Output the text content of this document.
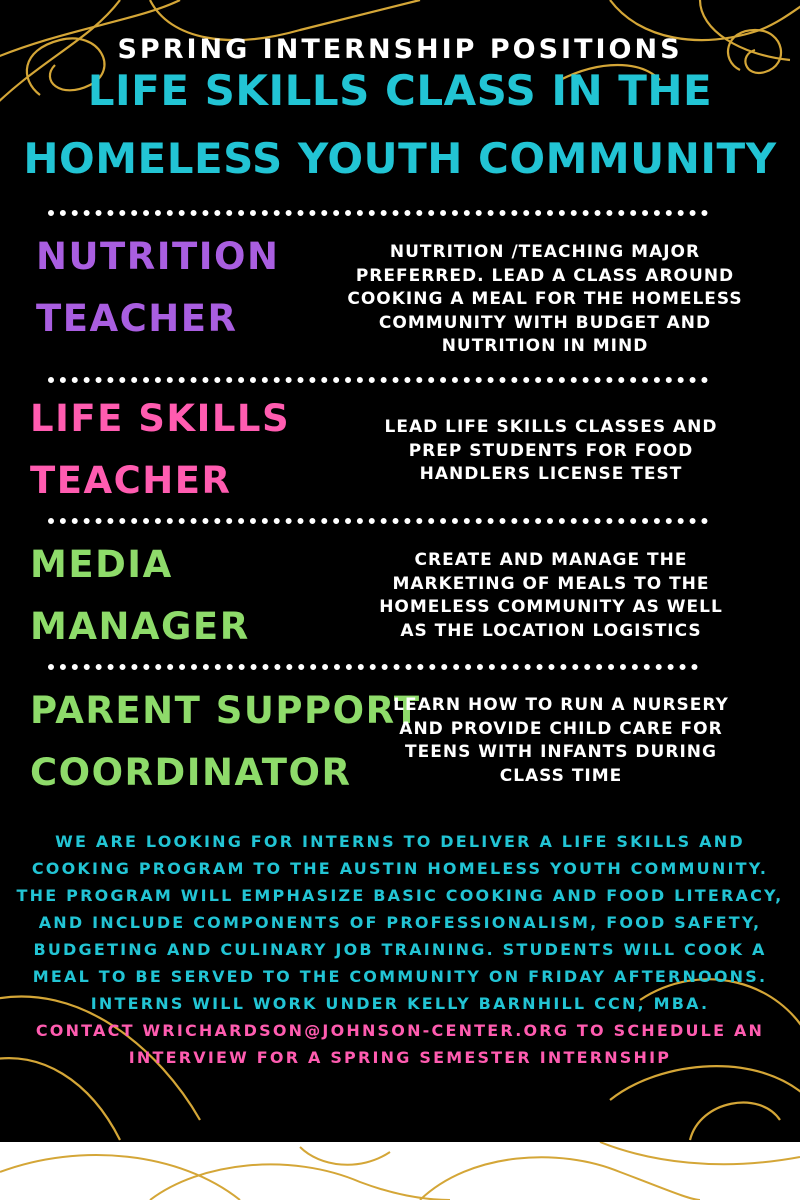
SPRING INTERNSHIP POSITIONS
LIFE SKILLS CLASS IN THE
HOMELESS YOUTH COMMUNITY
NUTRITION
TEACHER
NUTRITION /TEACHING MAJOR
PREFERRED. LEAD A CLASS AROUND
COOKING A MEAL FOR THE HOMELESS
COMMUNITY WITH BUDGET AND
NUTRITION IN MIND
LIFE SKILLS
TEACHER
LEAD LIFE SKILLS CLASSES AND
PREP STUDENTS FOR FOOD
HANDLERS LICENSE TEST
MEDIA
MANAGER
CREATE AND MANAGE THE
MARKETING OF MEALS TO THE
HOMELESS COMMUNITY AS WELL
AS THE LOCATION LOGISTICS
PARENT SUPPORT
COORDINATOR
LEARN HOW TO RUN A NURSERY
AND PROVIDE CHILD CARE FOR
TEENS WITH INFANTS DURING
CLASS TIME
WE ARE LOOKING FOR INTERNS TO DELIVER A LIFE SKILLS AND
COOKING PROGRAM TO THE AUSTIN HOMELESS YOUTH COMMUNITY.
THE PROGRAM WILL EMPHASIZE BASIC COOKING AND FOOD LITERACY,
AND INCLUDE COMPONENTS OF PROFESSIONALISM, FOOD SAFETY,
BUDGETING AND CULINARY JOB TRAINING. STUDENTS WILL COOK A
MEAL TO BE SERVED TO THE COMMUNITY ON FRIDAY AFTERNOONS.
INTERNS WILL WORK UNDER KELLY BARNHILL CCN, MBA.
CONTACT WRICHARDSON@JOHNSON-CENTER.ORG TO SCHEDULE AN
INTERVIEW FOR A SPRING SEMESTER INTERNSHIP
